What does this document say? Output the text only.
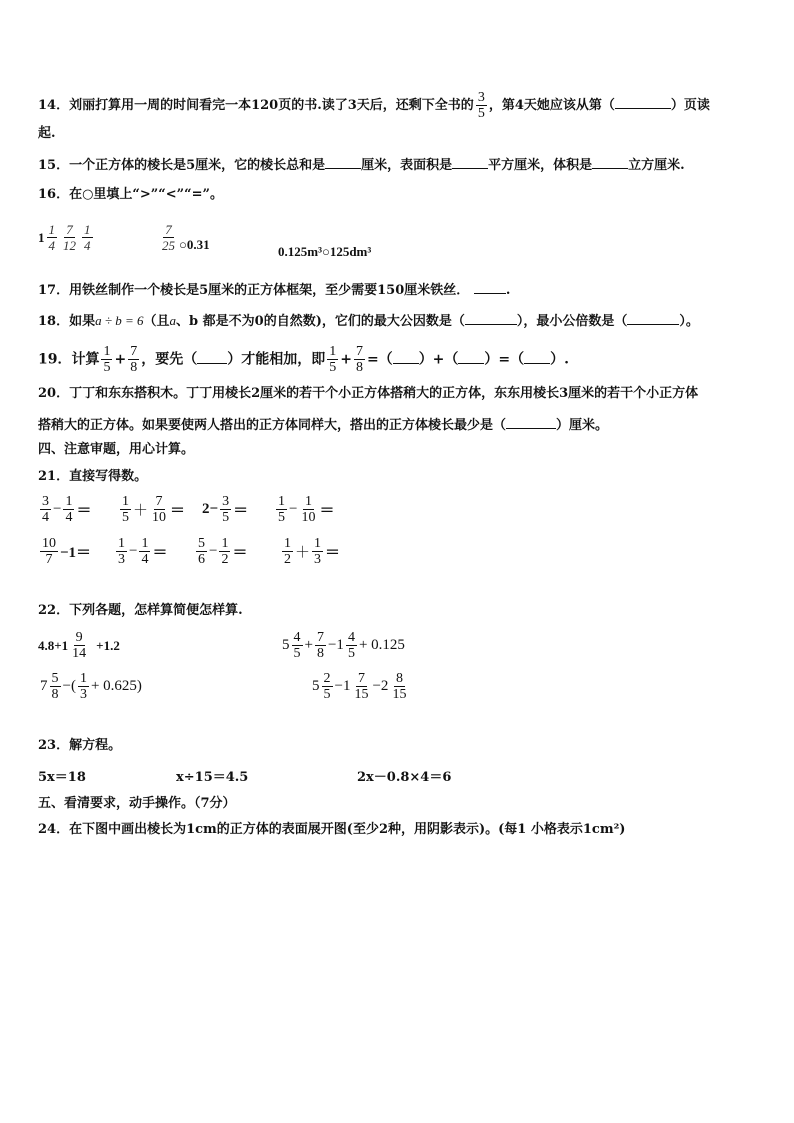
14．刘丽打算用一周的时间看完一本120页的书.读了3天后，还剩下全书的 $\frac{3}{5}$ ，第4天她应该从第（	）页读
起.
15．一个正方体的棱长是5厘米，它的棱长总和是	厘米，表面积是	平方厘米，体积是	立方厘米.
16．在○里填上“>”“<”“=”。
$1 \frac{1}{4} \frac{7}{12} \frac{1}{4}$	$\frac{7}{25}$ ○0.31	0.125m³○125dm³
17．用铁丝制作一个棱长是5厘米的正方体框架，至少需要150厘米铁丝．	.
18．如果a ÷ b = 6（且a、b 都是不为0的自然数)，它们的最大公因数是（	），最小公倍数是（	）。
19．计算 $\frac{1}{5} + \frac{7}{8}$ ，要先（ ）才能相加，即 $\frac{1}{5} + \frac{7}{8}$ =（ ）+（ ）=（ ）.
20．丁丁和东东搭积木。丁丁用棱长2厘米的若干个小正方体搭稍大的正方体，东东用棱长3厘米的若干个小正方体
搭稍大的正方体。如果要使两人搭出的正方体同样大，搭出的正方体棱长最少是（	）厘米。
四、注意审题，用心计算。
21．直接写得数。
$\frac{3}{4} - \frac{1}{4} = \frac{1}{5} + \frac{7}{10} = 2- \frac{3}{5} = \frac{1}{5} - \frac{1}{10}$ ＝
$\frac{10}{7} -1= \frac{1}{3} - \frac{1}{4} = \frac{5}{6} - \frac{1}{2} = \frac{1}{2} + \frac{1}{3}$ ＝
22．下列各题，怎样算简便怎样算.
$4.8+1 \frac{9}{14} +1.2$	$5 \frac{4}{5} + \frac{7}{8} -1 \frac{4}{5} + 0.125$
$7 \frac{5}{8}$ −( $\frac{1}{3} + 0.625$)	$5 \frac{2}{5} -1 \frac{7}{15} -2 \frac{8}{15}$
23．解方程。
5x＝18	x÷15＝4.5	2x－0.8×4＝6
五、看清要求，动手操作。（7分）
24．在下图中画出棱长为1cm的正方体的表面展开图(至少2种，用阴影表示)。(每1 小格表示1cm²)
